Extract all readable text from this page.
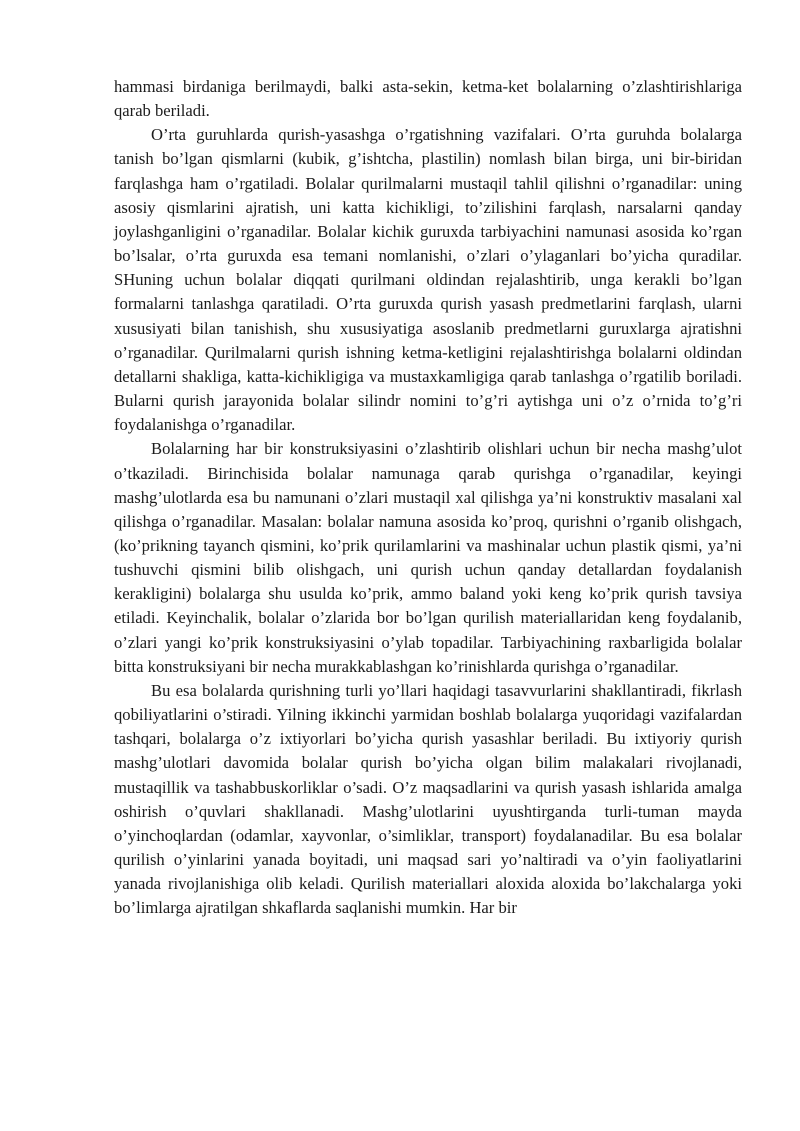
hammasi birdaniga berilmaydi, balki asta-sekin, ketma-ket bolalarning o’zlashtirishlariga qarab beriladi.

O’rta guruhlarda qurish-yasashga o’rgatishning vazifalari. O’rta guruhda bolalarga tanish bo’lgan qismlarni (kubik, g’ishtcha, plastilin) nomlash bilan birga, uni bir-biridan farqlashga ham o’rgatiladi. Bolalar qurilmalarni mustaqil tahlil qilishni o’rganadilar: uning asosiy qismlarini ajratish, uni katta kichikligi, to’zilishini farqlash, narsalarni qanday joylashganligini o’rganadilar. Bolalar kichik guruxda tarbiyachini namunasi asosida ko’rgan bo’lsalar, o’rta guruxda esa temani nomlanishi, o’zlari o’ylaganlari bo’yicha quradilar. SHuning uchun bolalar diqqati qurilmani oldindan rejalashtirib, unga kerakli bo’lgan formalarni tanlashga qaratiladi. O’rta guruxda qurish yasash predmetlarini farqlash, ularni xususiyati bilan tanishish, shu xususiyatiga asoslanib predmetlarni guruxlarga ajratishni o’rganadilar. Qurilmalarni qurish ishning ketma-ketligini rejalashtirishga bolalarni oldindan detallarni shakliga, katta-kichikligiga va mustaxkamligiga qarab tanlashga o’rgatilib boriladi. Bularni qurish jarayonida bolalar silindr nomini to’g’ri aytishga uni o’z o’rnida to’g’ri foydalanishga o’rganadilar.

Bolalarning har bir konstruksiyasini o’zlashtirib olishlari uchun bir necha mashg’ulot o’tkaziladi. Birinchisida bolalar namunaga qarab qurishga o’rganadilar, keyingi mashg’ulotlarda esa bu namunani o’zlari mustaqil xal qilishga ya’ni konstruktiv masalani xal qilishga o’rganadilar. Masalan: bolalar namuna asosida ko’proq, qurishni o’rganib olishgach, (ko’prikning tayanch qismini, ko’prik qurilamlarini va mashinalar uchun plastik qismi, ya’ni tushuvchi qismini bilib olishgach, uni qurish uchun qanday detallardan foydalanish kerakligini) bolalarga shu usulda ko’prik, ammo baland yoki keng ko’prik qurish tavsiya etiladi. Keyinchalik, bolalar o’zlarida bor bo’lgan qurilish materiallaridan keng foydalanib, o’zlari yangi ko’prik konstruksiyasini o’ylab topadilar. Tarbiyachining raxbarligida bolalar bitta konstruksiyani bir necha murakkablashgan ko’rinishlarda qurishga o’rganadilar.

Bu esa bolalarda qurishning turli yo’llari haqidagi tasavvurlarini shakllantiradi, fikrlash qobiliyatlarini o’stiradi. Yilning ikkinchi yarmidan boshlab bolalarga yuqoridagi vazifalardan tashqari, bolalarga o’z ixtiyorlari bo’yicha qurish yasashlar beriladi. Bu ixtiyoriy qurish mashg’ulotlari davomida bolalar qurish bo’yicha olgan bilim malakalari rivojlanadi, mustaqillik va tashabbuskorliklar o’sadi. O’z maqsadlarini va qurish yasash ishlarida amalga oshirish o’quvlari shakllanadi. Mashg’ulotlarini uyushtirganda turli-tuman mayda o’yinchoqlardan (odamlar, xayvonlar, o’simliklar, transport) foydalanadilar. Bu esa bolalar qurilish o’yinlarini yanada boyitadi, uni maqsad sari yo’naltiradi va o’yin faoliyatlarini yanada rivojlanishiga olib keladi. Qurilish materiallari aloxida aloxida bo’lakchalarga yoki bo’limlarga ajratilgan shkaflarda saqlanishi mumkin. Har bir
